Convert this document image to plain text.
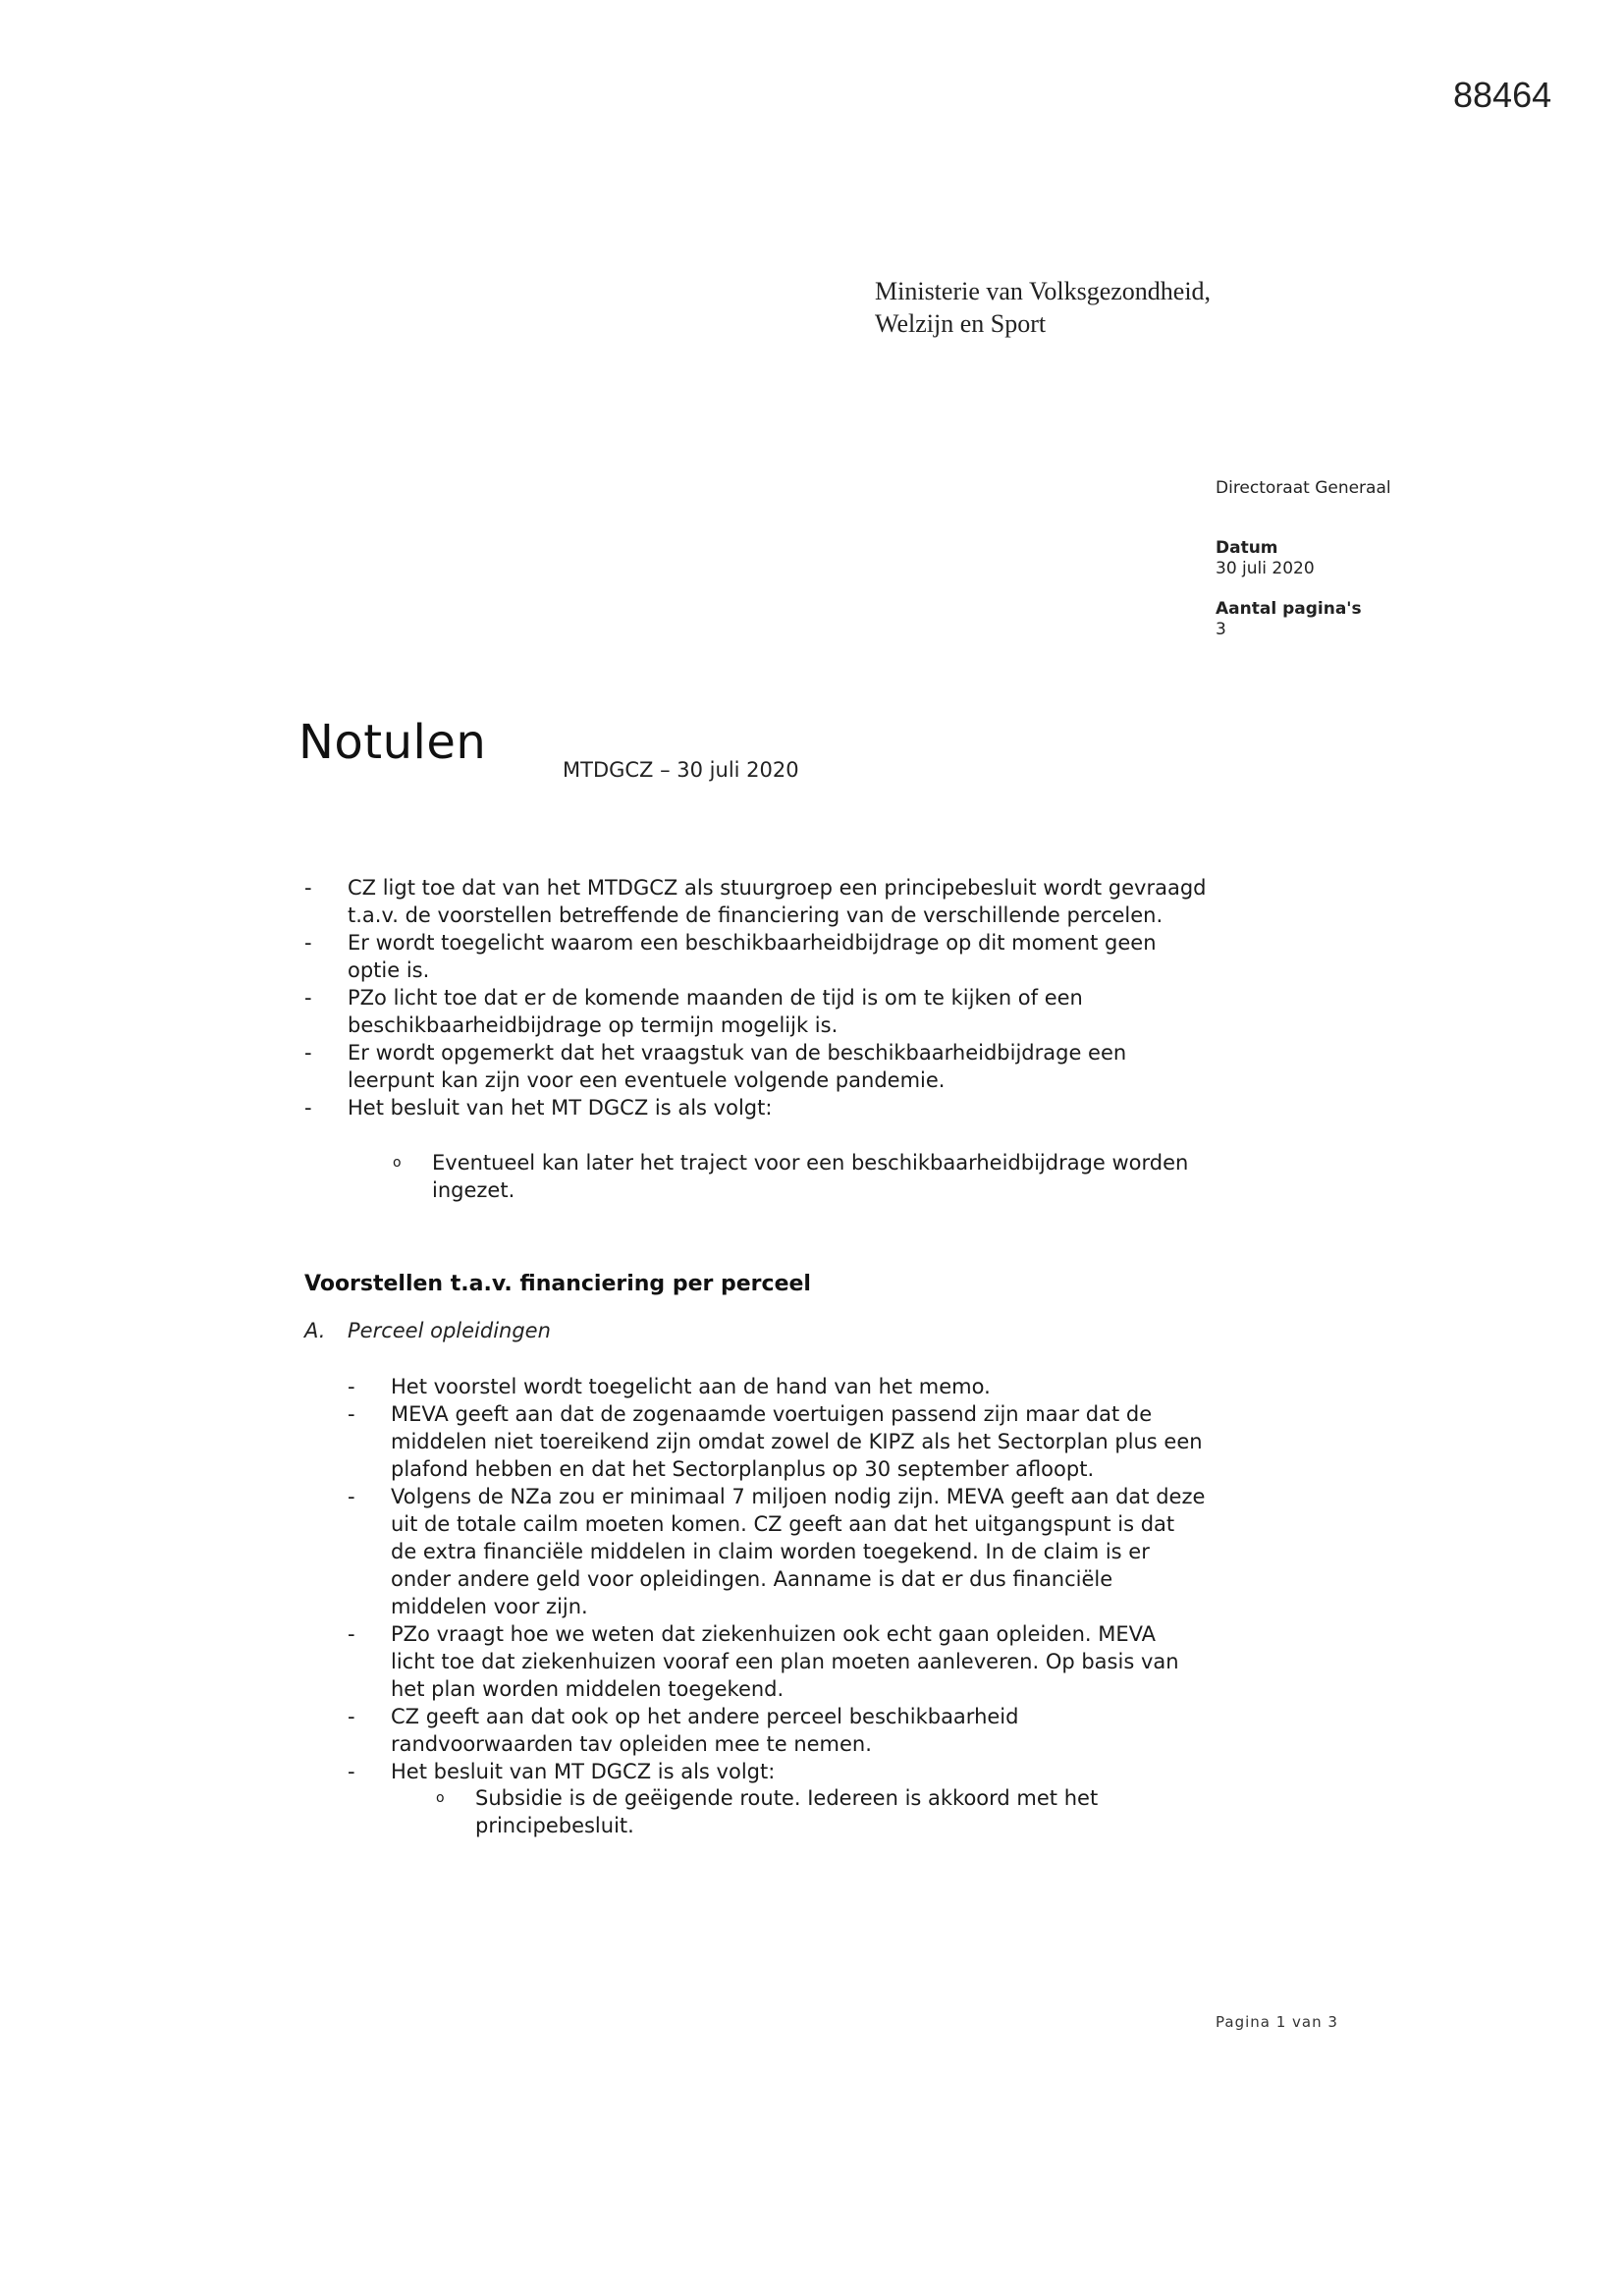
88464
Ministerie van Volksgezondheid,
Welzijn en Sport
Directoraat Generaal
Datum
30 juli 2020
Aantal pagina's
3
Notulen	MTDGCZ – 30 juli 2020
- CZ ligt toe dat van het MTDGCZ als stuurgroep een principebesluit wordt gevraagd t.a.v. de voorstellen betreffende de financiering van de verschillende percelen.
- Er wordt toegelicht waarom een beschikbaarheidbijdrage op dit moment geen optie is.
- PZo licht toe dat er de komende maanden de tijd is om te kijken of een beschikbaarheidbijdrage op termijn mogelijk is.
- Er wordt opgemerkt dat het vraagstuk van de beschikbaarheidbijdrage een leerpunt kan zijn voor een eventuele volgende pandemie.
- Het besluit van het MT DGCZ is als volgt:
o Eventueel kan later het traject voor een beschikbaarheidbijdrage worden ingezet.
Voorstellen t.a.v. financiering per perceel
A. Perceel opleidingen
- Het voorstel wordt toegelicht aan de hand van het memo.
- MEVA geeft aan dat de zogenaamde voertuigen passend zijn maar dat de middelen niet toereikend zijn omdat zowel de KIPZ als het Sectorplan plus een plafond hebben en dat het Sectorplanplus op 30 september afloopt.
- Volgens de NZa zou er minimaal 7 miljoen nodig zijn. MEVA geeft aan dat deze uit de totale cailm moeten komen. CZ geeft aan dat het uitgangspunt is dat de extra financiële middelen in claim worden toegekend. In de claim is er onder andere geld voor opleidingen. Aanname is dat er dus financiële middelen voor zijn.
- PZo vraagt hoe we weten dat ziekenhuizen ook echt gaan opleiden. MEVA licht toe dat ziekenhuizen vooraf een plan moeten aanleveren. Op basis van het plan worden middelen toegekend.
- CZ geeft aan dat ook op het andere perceel beschikbaarheid randvoorwaarden tav opleiden mee te nemen.
- Het besluit van MT DGCZ is als volgt:
o Subsidie is de geëigende route. Iedereen is akkoord met het principebesluit.
Pagina 1 van 3
